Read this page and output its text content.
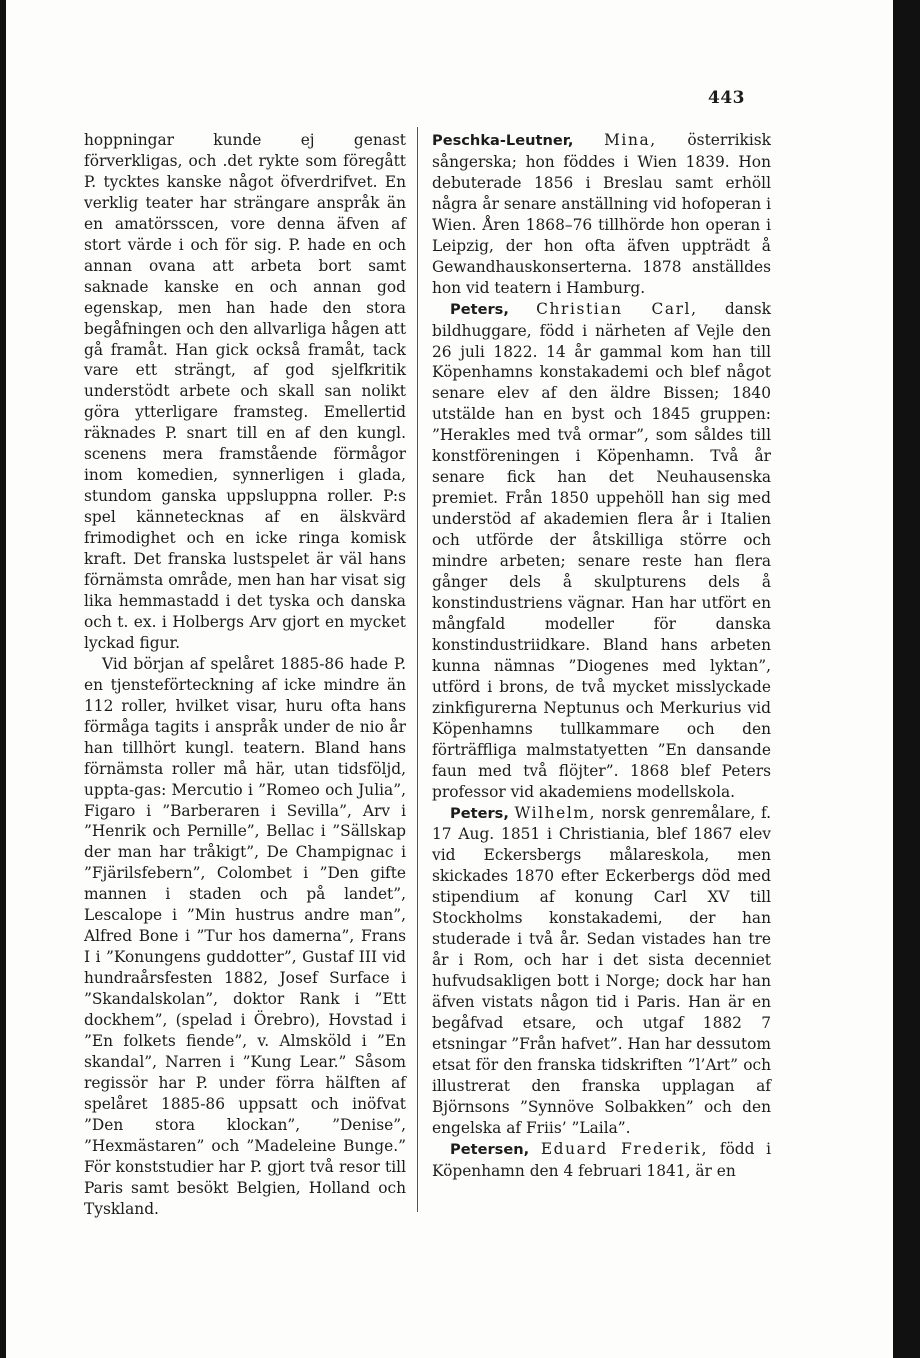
443

hoppningar kunde ej genast förverkligas, och .det rykte som föregått P. tycktes kanske något öfverdrifvet. En verklig teater har strängare anspråk än en amatörsscen, vore denna äfven af stort värde i och för sig. P. hade en och annan ovana att arbeta bort samt saknade kanske en och annan god egenskap, men han hade den stora begåfningen och den allvarliga hågen att gå framåt. Han gick också framåt, tack vare ett strängt, af god sjelfkritik understödt arbete och skall san nolikt göra ytterligare framsteg. Emellertid räknades P. snart till en af den kungl. scenens mera framstående förmågor inom komedien, synnerligen i glada, stundom ganska uppsluppna roller. P:s spel kännetecknas af en älskvärd frimodighet och en icke ringa komisk kraft. Det franska lustspelet är väl hans förnämsta område, men han har visat sig lika hemmastadd i det tyska och danska och t. ex. i Holbergs Arv gjort en mycket lyckad figur.

Vid början af spelåret 1885-86 hade P. en tjensteförteckning af icke mindre än 112 roller, hvilket visar, huru ofta hans förmåga tagits i anspråk under de nio år han tillhört kungl. teatern. Bland hans förnämsta roller må här, utan tidsföljd, uppta-gas: Mercutio i ”Romeo och Julia”, Figaro i ”Barberaren i Sevilla”, Arv i ”Henrik och Pernille”, Bellac i ”Sällskap der man har tråkigt”, De Champignac i ”Fjärilsfebern”, Colombet i ”Den gifte mannen i staden och på landet”, Lescalope i ”Min hustrus andre man”, Alfred Bone i ”Tur hos damerna”, Frans I i ”Konungens guddotter”, Gustaf III vid hundraårsfesten 1882, Josef Surface i ”Skandalskolan”, doktor Rank i ”Ett dockhem”, (spelad i Örebro), Hovstad i ”En folkets fiende”, v. Almsköld i ”En skandal”, Narren i ”Kung Lear.” Såsom regissör har P. under förra hälften af spelåret 1885-86 uppsatt och inöfvat ”Den stora klockan”, ”Denise”, ”Hexmästaren” och ”Madeleine Bunge.” För konststudier har P. gjort två resor till Paris samt besökt Belgien, Holland och Tyskland.

Peschka-Leutner, Mina, österrikisk sångerska; hon föddes i Wien 1839. Hon debuterade 1856 i Breslau samt erhöll några år senare anställning vid hofoperan i Wien. Åren 1868–76 tillhörde hon operan i Leipzig, der hon ofta äfven uppträdt å Gewandhauskonserterna. 1878 anställdes hon vid teatern i Hamburg.

Peters, Christian Carl, dansk bildhuggare, född i närheten af Vejle den 26 juli 1822. 14 år gammal kom han till Köpenhamns konstakademi och blef något senare elev af den äldre Bissen; 1840 utstälde han en byst och 1845 gruppen: ”Herakles med två ormar”, som såldes till konstföreningen i Köpenhamn. Två år senare fick han det Neuhausenska premiet. Från 1850 uppehöll han sig med understöd af akademien flera år i Italien och utförde der åtskilliga större och mindre arbeten; senare reste han flera gånger dels å skulpturens dels å konstindustriens vägnar. Han har utfört en mångfald modeller för danska konstindustriidkare. Bland hans arbeten kunna nämnas ”Diogenes med lyktan”, utförd i brons, de två mycket misslyckade zinkfigurerna Neptunus och Merkurius vid Köpenhamns tullkammare och den förträffliga malmstatyetten ”En dansande faun med två flöjter”. 1868 blef Peters professor vid akademiens modellskola.

Peters, Wilhelm, norsk genremålare, f. 17 Aug. 1851 i Christiania, blef 1867 elev vid Eckersbergs målareskola, men skickades 1870 efter Eckerbergs död med stipendium af konung Carl XV till Stockholms konstakademi, der han studerade i två år. Sedan vistades han tre år i Rom, och har i det sista decenniet hufvudsakligen bott i Norge; dock har han äfven vistats någon tid i Paris. Han är en begåfvad etsare, och utgaf 1882 7 etsningar ”Från hafvet”. Han har dessutom etsat för den franska tidskriften ”l’Art” och illustrerat den franska upplagan af Björnsons ”Synnöve Solbakken” och den engelska af Friis’ ”Laila”.

Petersen, Eduard Frederik, född i Köpenhamn den 4 februari 1841, är en
